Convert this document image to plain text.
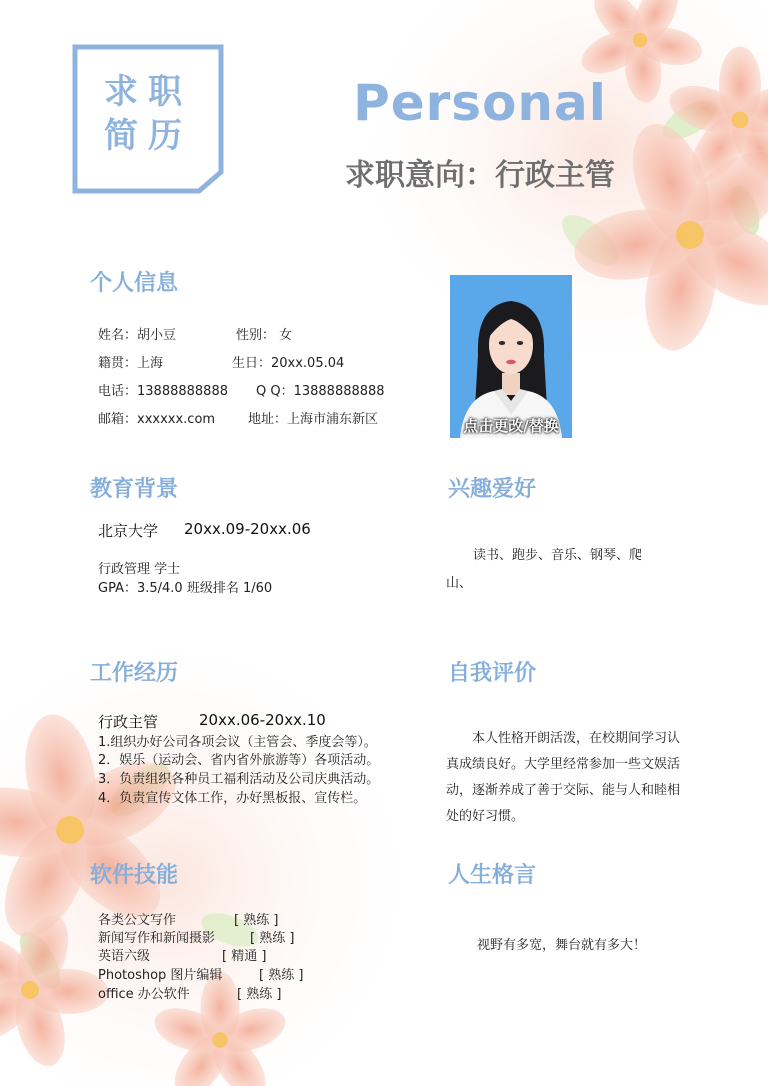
求职
简历
Personal
求职意向：行政主管
个人信息
姓名：胡小豆	性别： 女
籍贯：上海	生日：20xx.05.04
电话：13888888888 Q Q：13888888888
邮箱：xxxxxx.com	地址：上海市浦东新区	点击更改/替换
教育背景
北京大学 20xx.09-20xx.06
行政管理 学士
GPA：3.5/4.0 班级排名 1/60
兴趣爱好
读书、跑步、音乐、钢琴、爬
山、
工作经历
行政主管	20xx.06-20xx.10
1.组织办好公司各项会议（主管会、季度会等）。
2．娱乐（运动会、省内省外旅游等）各项活动。
3．负责组织各种员工福利活动及公司庆典活动。
4．负责宣传文体工作，办好黑板报、宣传栏。
自我评价
本人性格开朗活泼，在校期间学习认
真成绩良好。大学里经常参加一些文娱活
动，逐渐养成了善于交际、能与人和睦相
处的好习惯。
软件技能
各类公文写作	[ 熟练 ]
新闻写作和新闻摄影	[ 熟练 ]
英语六级	[ 精通 ]
Photoshop 图片编辑	[ 熟练 ]
office 办公软件	[ 熟练 ]
人生格言
视野有多宽，舞台就有多大！
